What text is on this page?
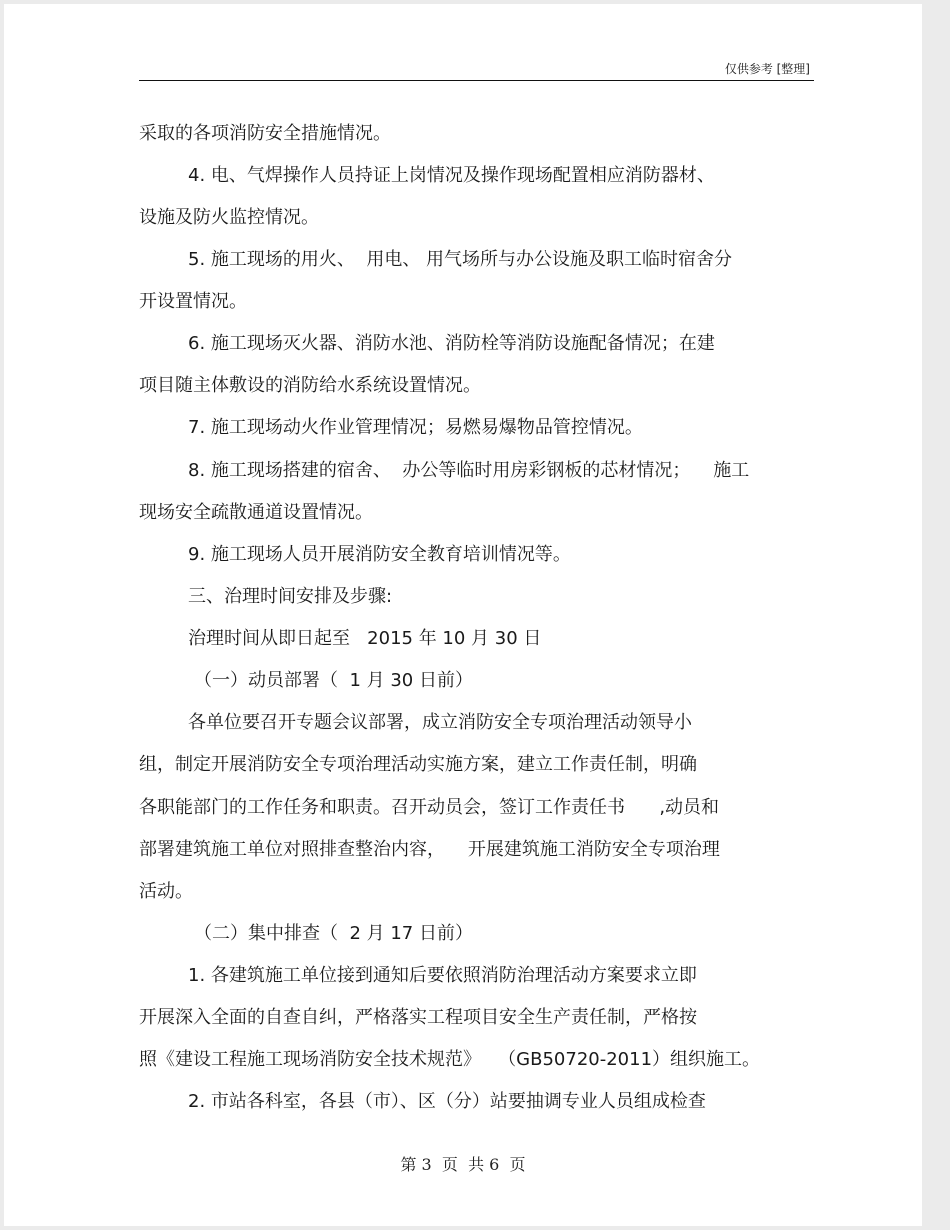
仅供参考 [整理]
采取的各项消防安全措施情况。
4. 电、气焊操作人员持证上岗情况及操作现场配置相应消防器材、
设施及防火监控情况。
5. 施工现场的用火、  用电、 用气场所与办公设施及职工临时宿舍分
开设置情况。
6. 施工现场灭火器、消防水池、消防栓等消防设施配备情况；在建
项目随主体敷设的消防给水系统设置情况。
7. 施工现场动火作业管理情况；易燃易爆物品管控情况。
8. 施工现场搭建的宿舍、  办公等临时用房彩钢板的芯材情况；    施工
现场安全疏散通道设置情况。
9. 施工现场人员开展消防安全教育培训情况等。
三、治理时间安排及步骤:
治理时间从即日起至   2015 年 10 月 30 日
（一）动员部署（  1 月 30 日前）
各单位要召开专题会议部署，成立消防安全专项治理活动领导小
组，制定开展消防安全专项治理活动实施方案，建立工作责任制，明确
各职能部门的工作任务和职责。召开动员会，签订工作责任书      ,动员和
部署建筑施工单位对照排查整治内容，    开展建筑施工消防安全专项治理
活动。
（二）集中排查（  2 月 17 日前）
1. 各建筑施工单位接到通知后要依照消防治理活动方案要求立即
开展深入全面的自查自纠，严格落实工程项目安全生产责任制，严格按
照《建设工程施工现场消防安全技术规范》   （GB50720-2011）组织施工。
2. 市站各科室，各县（市）、区（分）站要抽调专业人员组成检查
第 3  页  共 6  页
